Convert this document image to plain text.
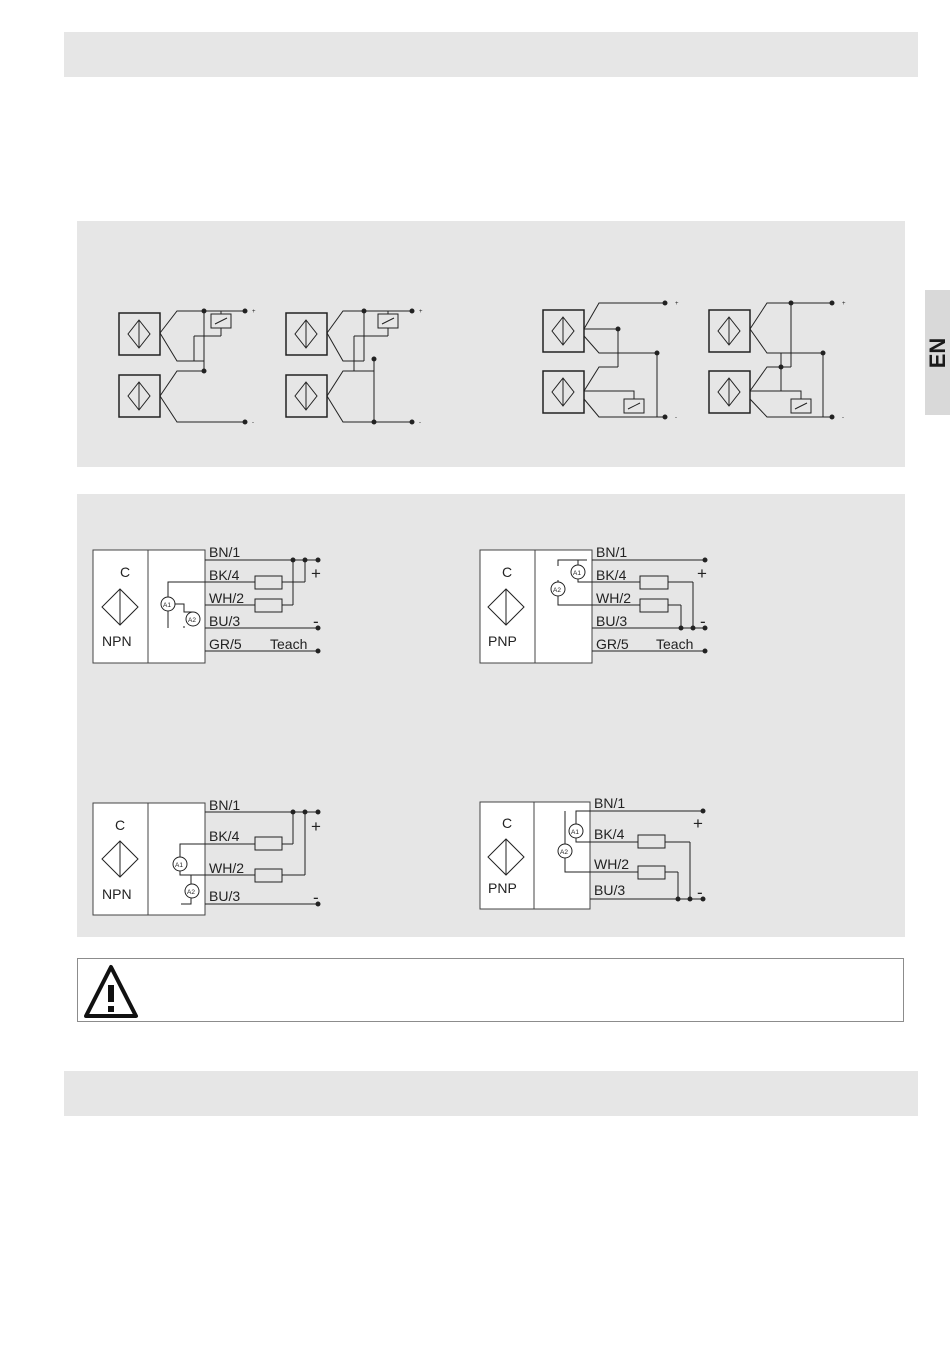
EN
+
-
+
-
+
-
+
-
C
NPN
A1
A2
BN/1
BK/4
WH/2
BU/3
GR/5 Teach
+
-
C
PNP
A1
A2
BN/1
BK/4
WH/2
BU/3
GR/5 Teach
+
-
C
NPN
A1
A2
BN/1
BK/4
WH/2
BU/3
+
-
C
PNP
A1
A2
BN/1
BK/4
WH/2
BU/3
+
-
